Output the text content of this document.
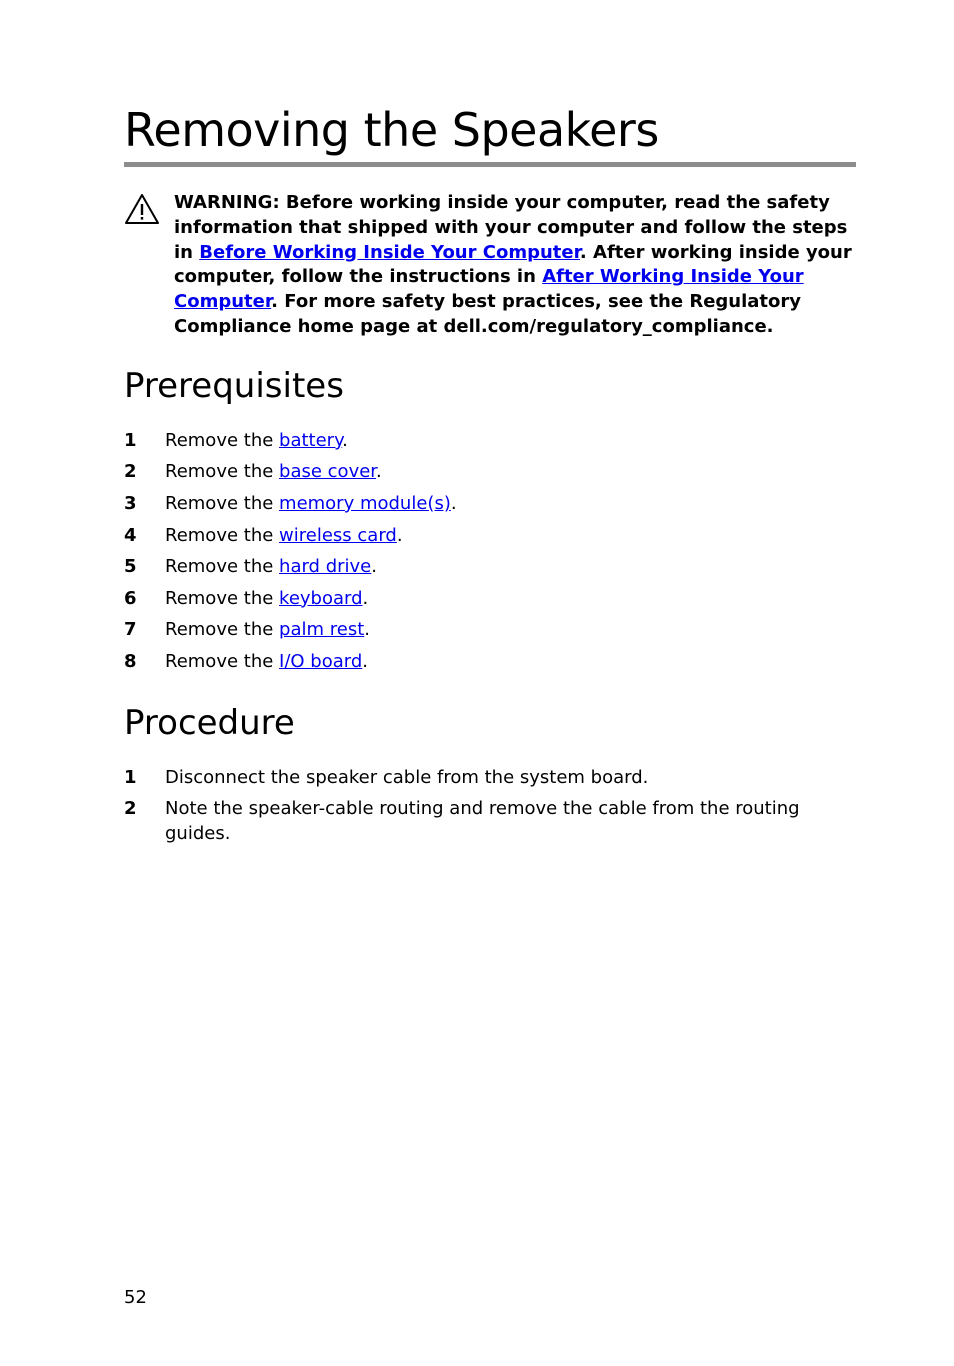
Removing the Speakers
WARNING: Before working inside your computer, read the safety information that shipped with your computer and follow the steps in Before Working Inside Your Computer. After working inside your computer, follow the instructions in After Working Inside Your Computer. For more safety best practices, see the Regulatory Compliance home page at dell.com/regulatory_compliance.
Prerequisites
1 Remove the battery.
2 Remove the base cover.
3 Remove the memory module(s).
4 Remove the wireless card.
5 Remove the hard drive.
6 Remove the keyboard.
7 Remove the palm rest.
8 Remove the I/O board.
Procedure
1 Disconnect the speaker cable from the system board.
2 Note the speaker-cable routing and remove the cable from the routing guides.
52
